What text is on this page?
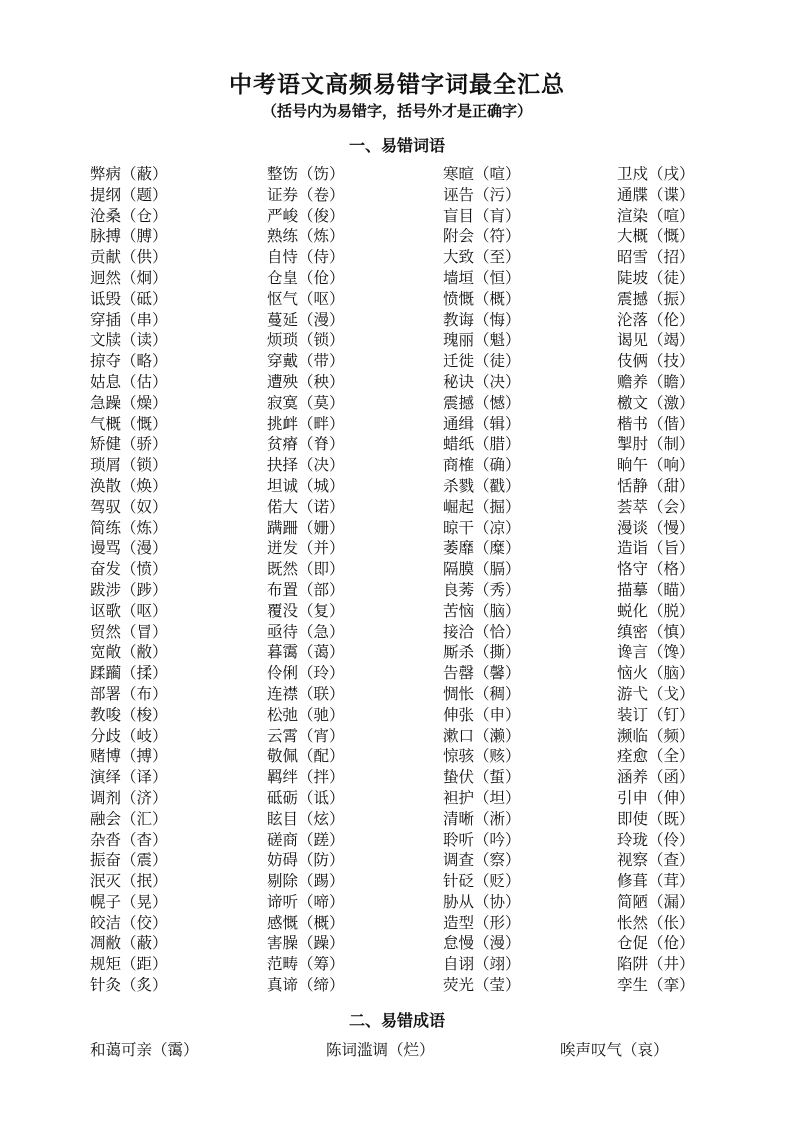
中考语文高频易错字词最全汇总
（括号内为易错字，括号外才是正确字）
一、易错词语
弊病（蔽）	整饬（饬）	寒暄（喧）	卫戍（戌）
提纲（题）	证券（卷）	诬告（污）	通牒（谍）
沧桑（仓）	严峻（俊）	盲目（肓）	渲染（喧）
脉搏（膊）	熟练（炼）	附会（符）	大概（慨）
贡献（供）	自恃（侍）	大致（至）	昭雪（招）
迥然（炯）	仓皇（伧）	墙垣（恒）	陡坡（徒）
诋毁（砥）	怄气（呕）	愤慨（概）	震撼（振）
穿插（串）	蔓延（漫）	教诲（悔）	沦落（伦）
文牍（读）	烦琐（锁）	瑰丽（魁）	谒见（竭）
掠夺（略）	穿戴（带）	迁徙（徒）	伎俩（技）
姑息（估）	遭殃（秧）	秘诀（决）	赡养（瞻）
急躁（燥）	寂寞（莫）	震撼（憾）	檄文（激）
气概（慨）	挑衅（畔）	通缉（辑）	楷书（偕）
矫健（骄）	贫瘠（脊）	蜡纸（腊）	掣肘（制）
琐屑（锁）	抉择（决）	商榷（确）	晌午（响）
涣散（焕）	坦诚（城）	杀戮（戳）	恬静（甜）
驾驭（奴）	偌大（诺）	崛起（掘）	荟萃（会）
简练（炼）	蹒跚（姗）	晾干（凉）	漫谈（慢）
谩骂（漫）	迸发（并）	萎靡（糜）	造诣（旨）
奋发（愤）	既然（即）	隔膜（膈）	恪守（格）
跋涉（踄）	布置（部）	良莠（秀）	描摹（瞄）
讴歌（呕）	覆没（复）	苦恼（脑）	蜕化（脱）
贸然（冒）	亟待（急）	接洽（恰）	缜密（慎）
宽敞（敝）	暮霭（蔼）	厮杀（撕）	谗言（馋）
蹂躏（揉）	伶俐（玲）	告罄（馨）	恼火（脑）
部署（布）	连襟（联）	惆怅（稠）	游弋（戈）
教唆（梭）	松弛（驰）	伸张（申）	装订（钉）
分歧（岐）	云霄（宵）	漱口（濑）	濒临（频）
赌博（搏）	敬佩（配）	惊骇（赅）	痊愈（全）
演绎（译）	羁绊（拌）	蛰伏（蜇）	涵养（函）
调剂（济）	砥砺（诋）	袒护（坦）	引申（伸）
融会（汇）	眩目（炫）	清晰（淅）	即使（既）
杂沓（杳）	磋商（蹉）	聆听（吟）	玲珑（伶）
振奋（震）	妨碍（防）	调查（察）	视察（查）
泯灭（抿）	剔除（踢）	针砭（贬）	修葺（茸）
幌子（晃）	谛听（啼）	胁从（协）	简陋（漏）
皎洁（佼）	感慨（概）	造型（形）	怅然（伥）
凋敝（蔽）	害臊（躁）	怠慢（漫）	仓促（伧）
规矩（距）	范畴（筹）	自诩（翊）	陷阱（井）
针灸（炙）	真谛（缔）	荧光（莹）	孪生（挛）
二、易错成语
和蔼可亲（霭）	陈词滥调（烂）	唉声叹气（哀）
